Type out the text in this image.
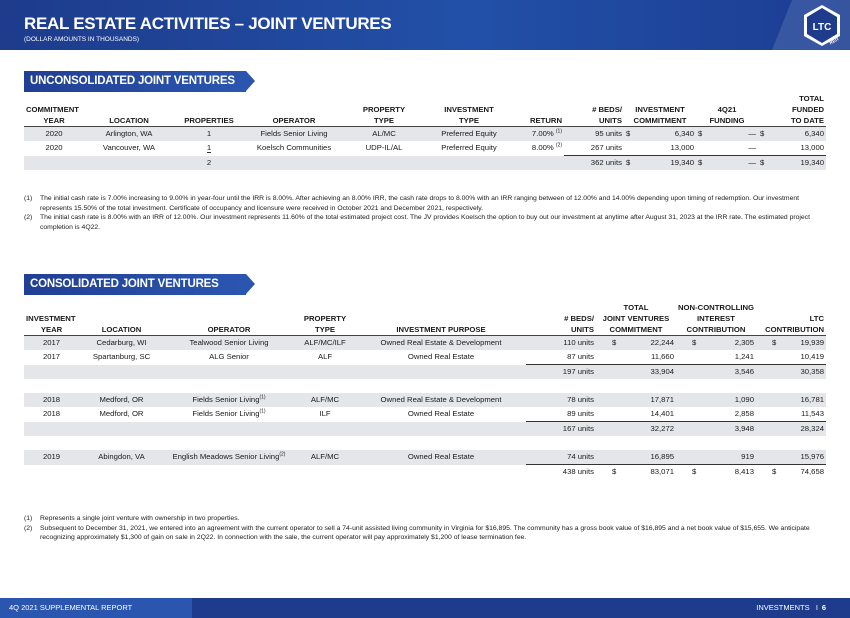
REAL ESTATE ACTIVITIES – JOINT VENTURES
(DOLLAR AMOUNTS IN THOUSANDS)
LTC
REIT
UNCONSOLIDATED JOINT VENTURES
										TOTAL
COMMITMENT				PROPERTY	INVESTMENT		# BEDS/	INVESTMENT	4Q21	FUNDED
YEAR	LOCATION	PROPERTIES	OPERATOR	TYPE	TYPE	RETURN	UNITS	COMMITMENT	FUNDING	TO DATE
2020	Arlington, WA	1	Fields Senior Living	AL/MC	Preferred Equity	7.00% $^{(1)}$	95 units	$ 6,340	$ —	$ 6,340

2020	Vancouver, WA	1	Koelsch Communities	UDP-IL/AL	Preferred Equity	8.00% $^{(2)}$	267 units	13,000	—	13,000
		2					362 units	$ 19,340	$ —	$ 19,340
(1) The initial cash rate is 7.00% increasing to 9.00% in year-four until the IRR is 8.00%. After achieving an 8.00% IRR, the cash rate drops to 8.00% with an IRR ranging between of 12.00% and 14.00% depending upon timing of redemption. Our investment represents 15.50% of the total investment. Certificate of occupancy and licensure were received in October 2021 and December 2021, respectively.
(2) The initial cash rate is 8.00% with an IRR of 12.00%. Our investment represents 11.60% of the total estimated project cost. The JV provides Koelsch the option to buy out our investment at anytime after August 31, 2023 at the IRR rate. The estimated project completion is 4Q22.
CONSOLIDATED JOINT VENTURES
						TOTAL	NON-CONTROLLING	
INVESTMENT			PROPERTY		# BEDS/	JOINT VENTURES	INTEREST	LTC
YEAR	LOCATION	OPERATOR	TYPE	INVESTMENT PURPOSE	UNITS	COMMITMENT	CONTRIBUTION	CONTRIBUTION
2017	Cedarburg, WI	Tealwood Senior Living	ALF/MC/ILF	Owned Real Estate & Development	110 units	$ 22,244	$ 2,305	$ 19,939

2017	Spartanburg, SC	ALG Senior	ALF	Owned Real Estate	87 units	11,660	1,241	10,419
					197 units	33,904	3,546	30,358

2018	Medford, OR	Fields Senior Living$^{(1)}$	ALF/MC	Owned Real Estate & Development	78 units	17,871	1,090	16,781
2018	Medford, OR	Fields Senior Living$^{(1)}$	ILF	Owned Real Estate	89 units	14,401	2,858	11,543
					167 units	32,272	3,948	28,324

2019	Abingdon, VA	English Meadows Senior Living$^{(2)}$	ALF/MC	Owned Real Estate	74 units	16,895	919	15,976
					438 units	$ 83,071	$ 8,413	$ 74,658
(1) Represents a single joint venture with ownership in two properties.
(2) Subsequent to December 31, 2021, we entered into an agreement with the current operator to sell a 74-unit assisted living community in Virginia for $16,895. The community has a gross book value of $16,895 and a net book value of $15,655. We anticipate recognizing approximately $1,300 of gain on sale in 2Q22. In connection with the sale, the current operator will pay approximately $1,200 of lease termination fee.
4Q 2021 SUPPLEMENTAL REPORT	INVESTMENTS I 6
